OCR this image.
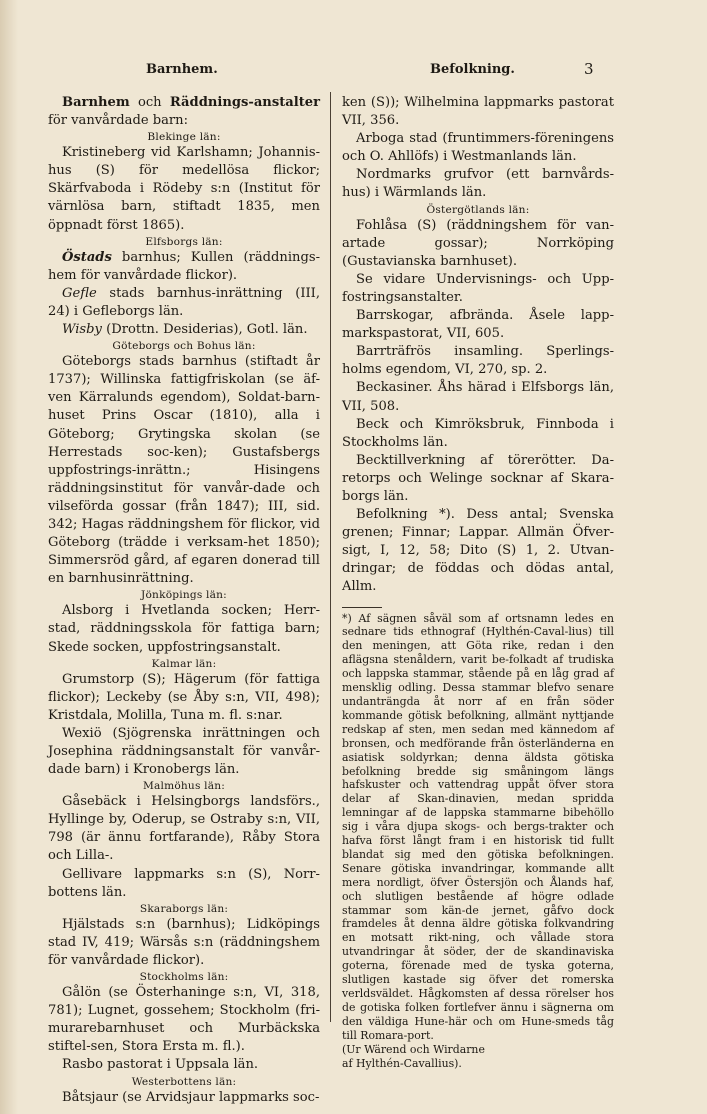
Barnhem.	Befolkning.	3

Barnhem och Räddnings-anstalter för vanvårdade barn:

Blekinge län:

Kristineberg vid Karlshamn; Johannis-hus (S) för medellösa flickor; Skärfvaboda i Rödeby s:n (Institut för värnlösa barn, stiftadt 1835, men öppnadt först 1865).

Elfsborgs län:

Östads barnhus; Kullen (räddnings-hem för vanvårdade flickor).

Gefle stads barnhus-inrättning (III, 24) i Gefleborgs län.

Wisby (Drottn. Desiderias), Gotl. län.

Göteborgs och Bohus län:

Göteborgs stads barnhus (stiftadt år 1737); Willinska fattigfriskolan (se äf-ven Kärralunds egendom), Soldat-barn-huset Prins Oscar (1810), alla i Göteborg; Grytingska skolan (se Herrestads soc-ken); Gustafsbergs uppfostrings-inrättn.; Hisingens räddningsinstitut för vanvår-dade och vilseförda gossar (från 1847); III, sid. 342; Hagas räddningshem för flickor, vid Göteborg (trädde i verksam-het 1850); Simmersröd gård, af egaren donerad till en barnhusinrättning.

Jönköpings län:

Alsborg i Hvetlanda socken; Herr-stad, räddningsskola för fattiga barn; Skede socken, uppfostringsanstalt.

Kalmar län:

Grumstorp (S); Hägerum (för fattiga flickor); Leckeby (se Åby s:n, VII, 498); Kristdala, Molilla, Tuna m. fl. s:nar.

Wexiö (Sjögrenska inrättningen och Josephina räddningsanstalt för vanvår-dade barn) i Kronobergs län.

Malmöhus län:

Gåsebäck i Helsingborgs landsförs., Hyllinge by, Oderup, se Ostraby s:n, VII, 798 (är ännu fortfarande), Råby Stora och Lilla-.

Gellivare lappmarks s:n (S), Norr-bottens län.

Skaraborgs län:

Hjälstads s:n (barnhus); Lidköpings stad IV, 419; Wärsås s:n (räddningshem för vanvårdade flickor).

Stockholms län:

Gålön (se Österhaninge s:n, VI, 318, 781); Lugnet, gossehem; Stockholm (fri-murarebarnhuset och Murbäckska stiftel-sen, Stora Ersta m. fl.).

Rasbo pastorat i Uppsala län.

Westerbottens län:

Båtsjaur (se Arvidsjaur lappmarks soc-

ken (S)); Wilhelmina lappmarks pastorat VII, 356.

Arboga stad (fruntimmers-föreningens och O. Ahllöfs) i Westmanlands län.

Nordmarks grufvor (ett barnvårds-hus) i Wärmlands län.

Östergötlands län:

Fohlåsa (S) (räddningshem för van-artade gossar); Norrköping (Gustavianska barnhuset).

Se vidare Undervisnings- och Upp-fostringsanstalter.

Barrskogar, afbrända. Åsele lapp-markspastorat, VII, 605.

Barrträfrös insamling. Sperlings-holms egendom, VI, 270, sp. 2.

Beckasiner. Åhs härad i Elfsborgs län, VII, 508.

Beck och Kimröksbruk, Finnboda i Stockholms län.

Becktillverkning af törerötter. Da-retorps och Welinge socknar af Skara-borgs län.

Befolkning *). Dess antal; Svenska grenen; Finnar; Lappar. Allmän Öfver-sigt, I, 12, 58; Dito (S) 1, 2. Utvan-dringar; de föddas och dödas antal, Allm.

*) Af sägnen såväl som af ortsnamn ledes en sednare tids ethnograf (Hylthén-Caval-lius) till den meningen, att Göta rike, redan i den aflägsna stenåldern, varit be-folkadt af trudiska och lappska stammar, stående på en låg grad af mensklig odling. Dessa stammar blefvo senare undanträngda åt norr af en från söder kommande götisk befolkning, allmänt nyttjande redskap af sten, men sedan med kännedom af bronsen, och medförande från österländerna en asiatisk soldyrkan; denna äldsta götiska befolkning bredde sig småningom längs hafskuster och vattendrag uppåt öfver stora delar af Skan-dinavien, medan spridda lemningar af de lappska stammarne bibehöllo sig i våra djupa skogs- och bergs-trakter och hafva först långt fram i en historisk tid fullt blandat sig med den götiska befolkningen. Senare götiska invandringar, kommande allt mera nordligt, öfver Östersjön och Ålands haf, och slutligen bestående af högre odlade stammar som kän-de jernet, gåfvo dock framdeles åt denna äldre götiska folkvandring en motsatt rikt-ning, och vållade stora utvandringar åt söder, der de skandinaviska goterna, förenade med de tyska goterna, slutligen kastade sig öfver det romerska verldsväldet. Hågkomsten af dessa rörelser hos de gotiska folken fortlefver ännu i sägnerna om den väldiga Hune-här och om Hune-smeds tåg till Romara-port.

(Ur Wärend och Wirdarne

af Hylthén-Cavallius).
